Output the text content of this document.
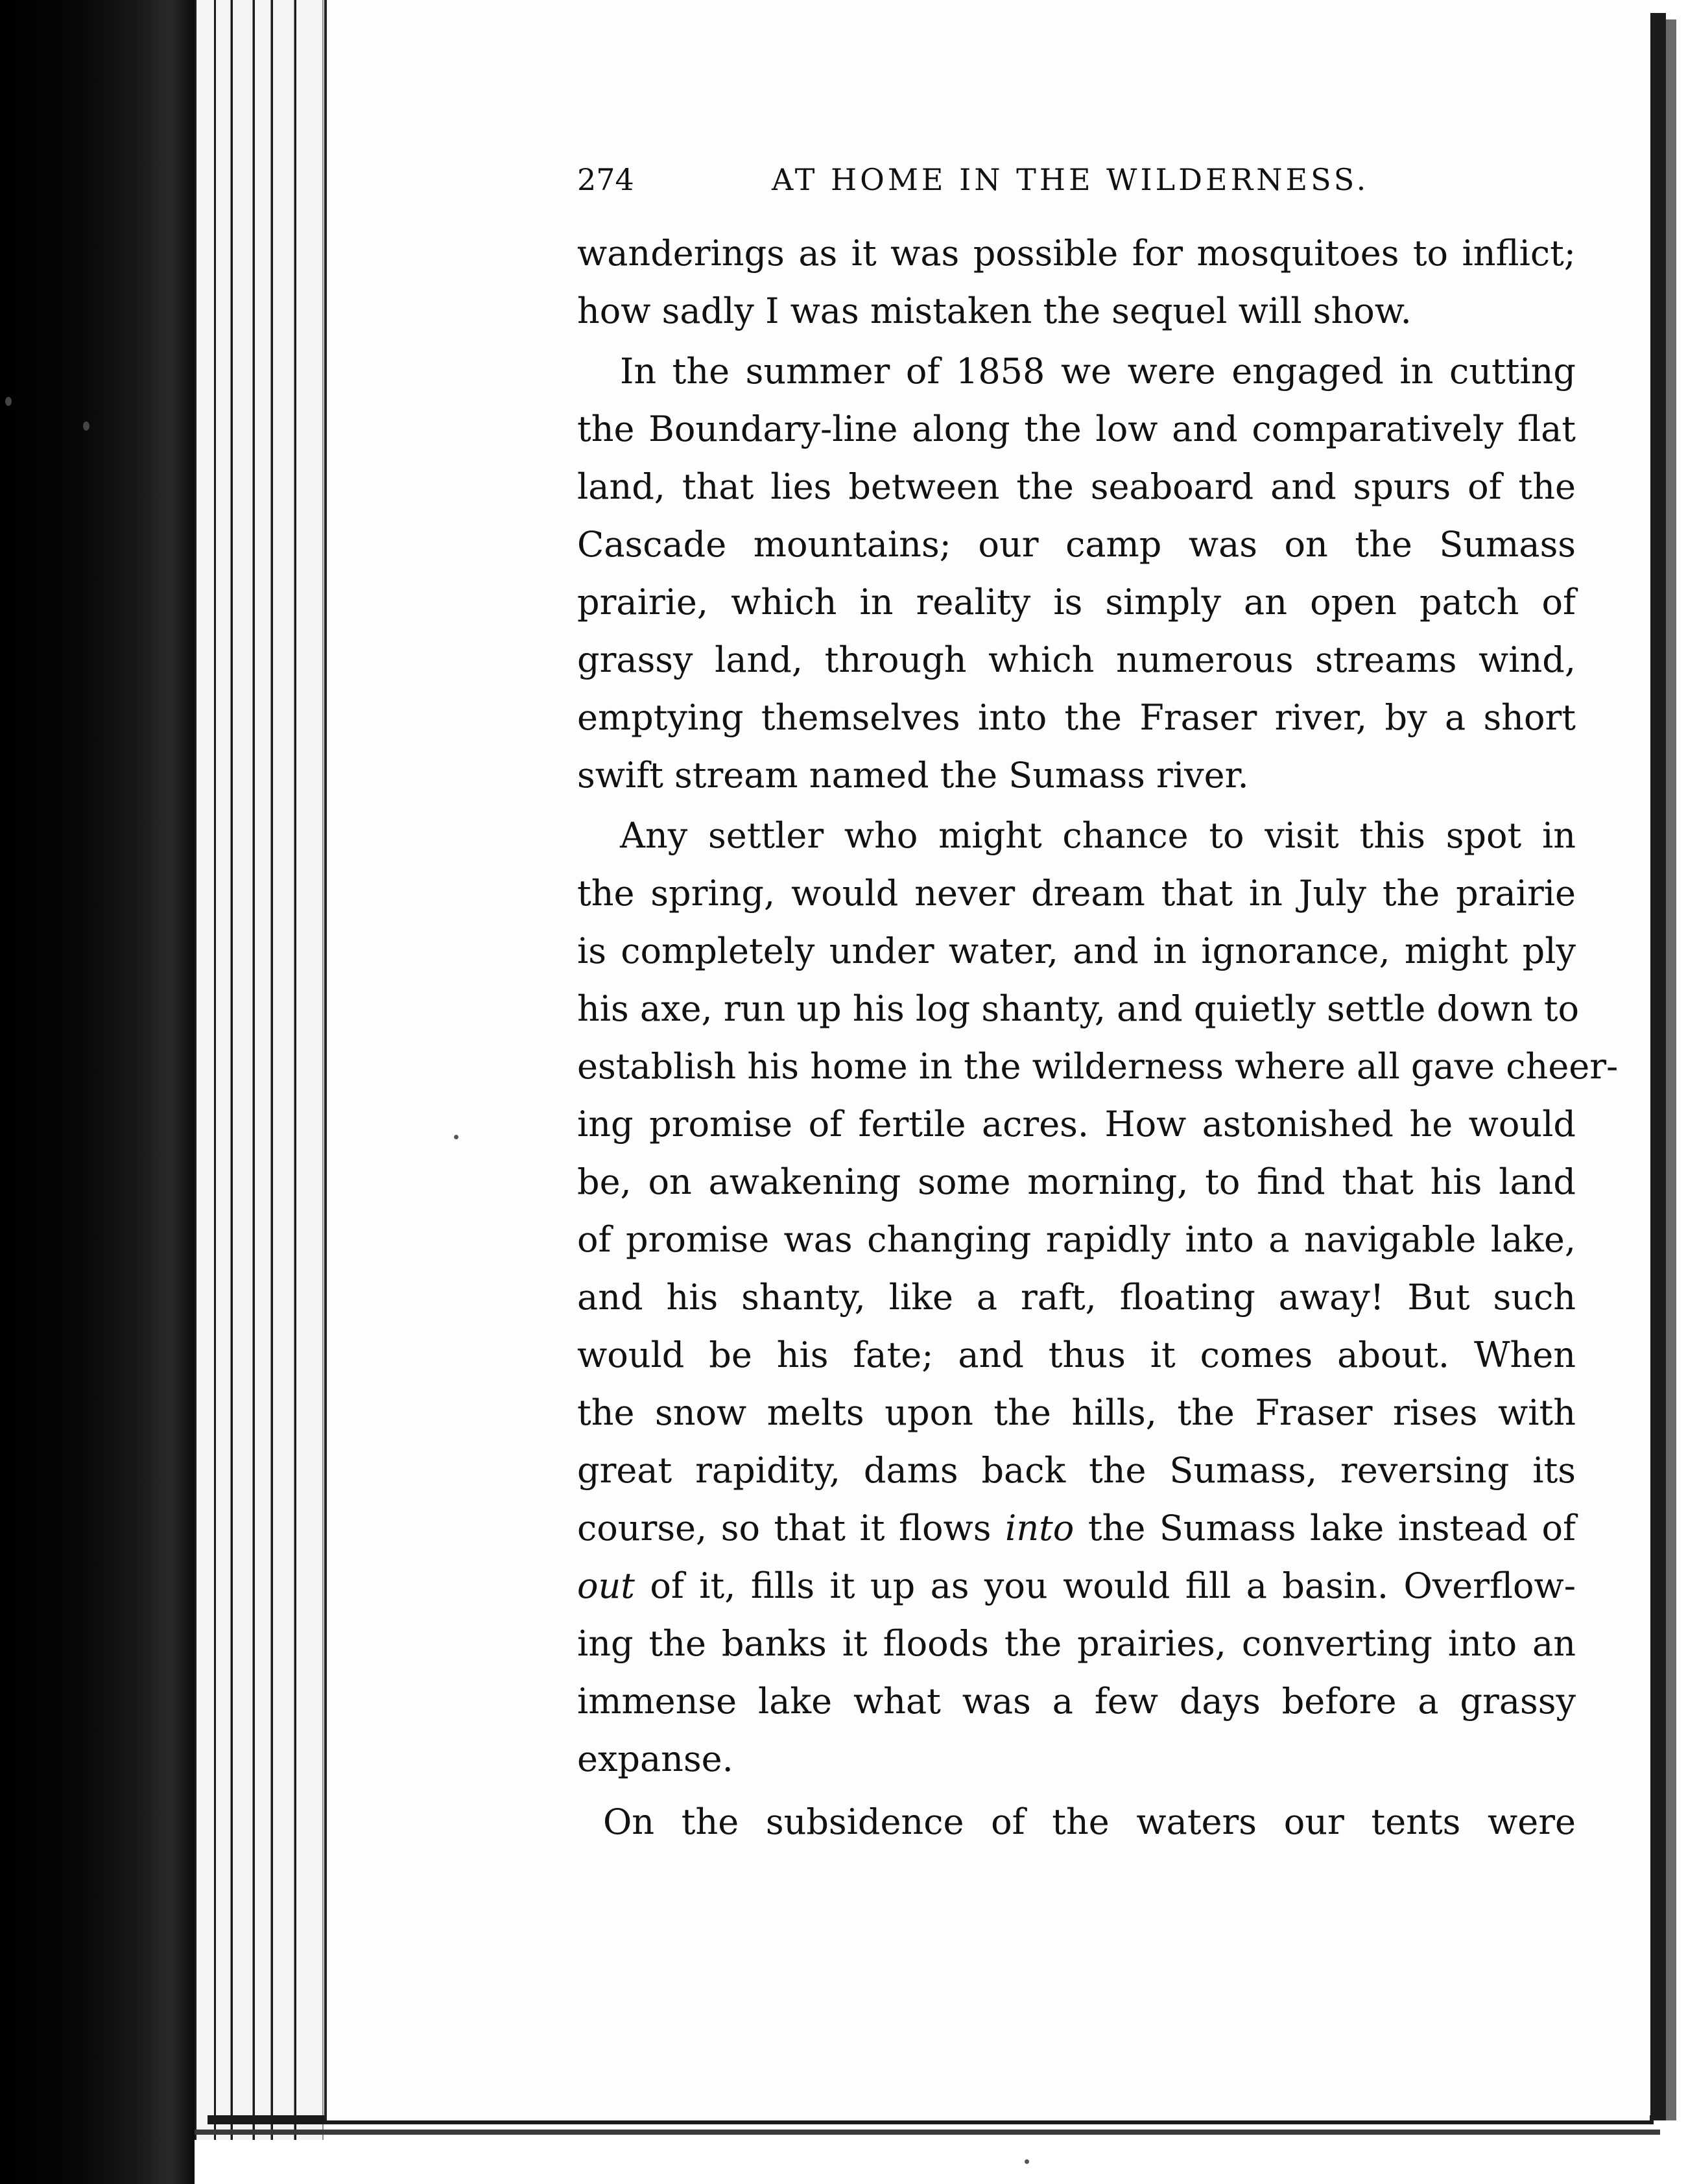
274	AT HOME IN THE WILDERNESS.

wanderings as it was possible for mosquitoes to inflict;
how sadly I was mistaken the sequel will show.

In the summer of 1858 we were engaged in cutting
the Boundary-line along the low and comparatively flat
land, that lies between the seaboard and spurs of the
Cascade mountains; our camp was on the Sumass
prairie, which in reality is simply an open patch of
grassy land, through which numerous streams wind,
emptying themselves into the Fraser river, by a short
swift stream named the Sumass river.

Any settler who might chance to visit this spot in
the spring, would never dream that in July the prairie
is completely under water, and in ignorance, might ply
his axe, run up his log shanty, and quietly settle down to
establish his home in the wilderness where all gave cheer-
ing promise of fertile acres. How astonished he would
be, on awakening some morning, to find that his land
of promise was changing rapidly into a navigable lake,
and his shanty, like a raft, floating away! But such
would be his fate; and thus it comes about. When
the snow melts upon the hills, the Fraser rises with
great rapidity, dams back the Sumass, reversing its
course, so that it flows into the Sumass lake instead of
out of it, fills it up as you would fill a basin. Overflow-
ing the banks it floods the prairies, converting into an
immense lake what was a few days before a grassy
expanse.

On the subsidence of the waters our tents were
